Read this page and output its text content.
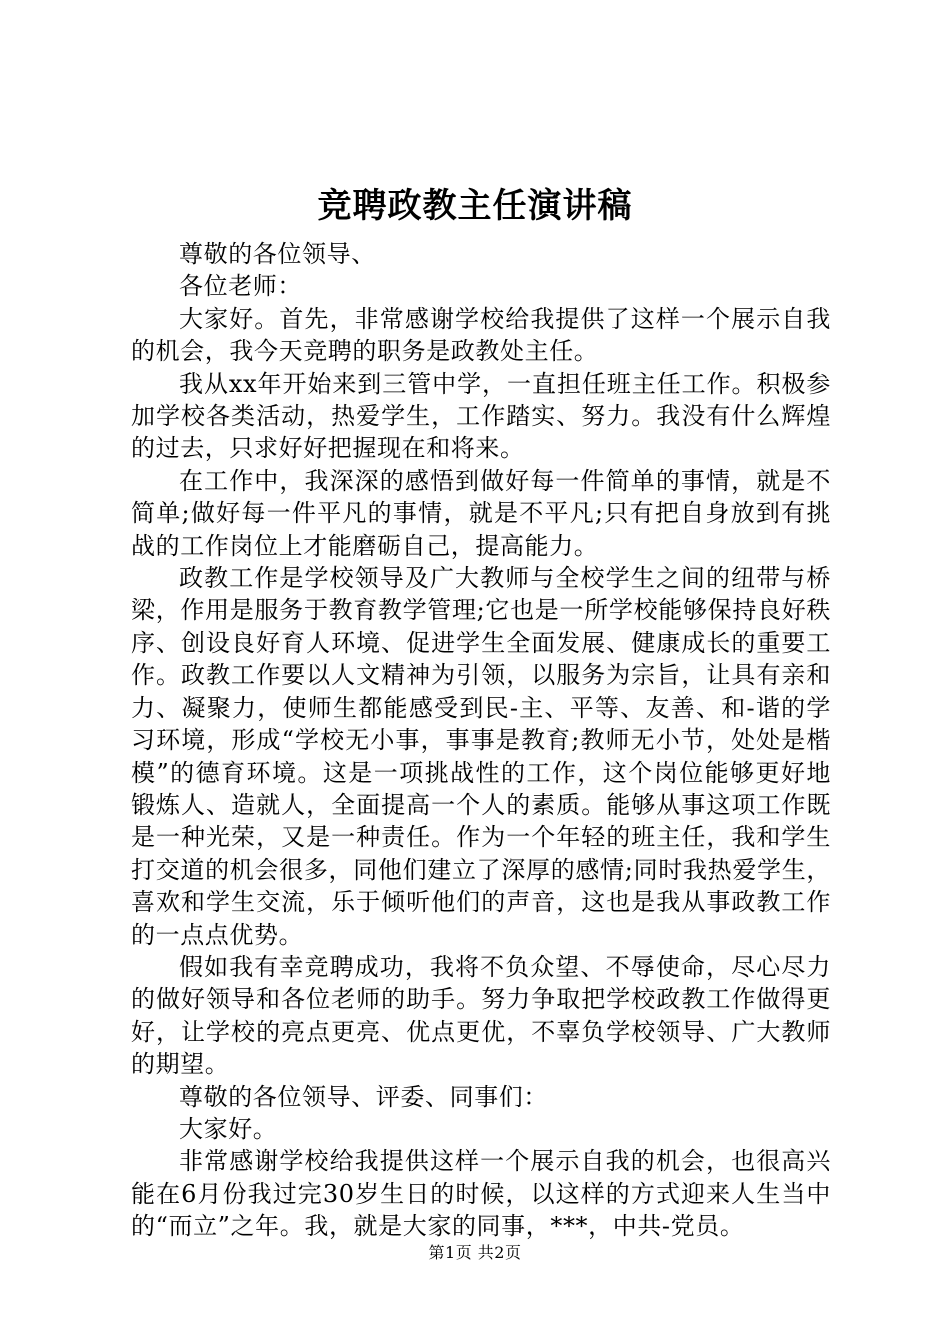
竞聘政教主任演讲稿

尊敬的各位领导、

各位老师：

大家好。首先，非常感谢学校给我提供了这样一个展示自我的机会，我今天竞聘的职务是政教处主任。

我从xx年开始来到三管中学，一直担任班主任工作。积极参加学校各类活动，热爱学生，工作踏实、努力。我没有什么辉煌的过去，只求好好把握现在和将来。

在工作中，我深深的感悟到做好每一件简单的事情，就是不简单;做好每一件平凡的事情，就是不平凡;只有把自身放到有挑战的工作岗位上才能磨砺自己，提高能力。

政教工作是学校领导及广大教师与全校学生之间的纽带与桥梁，作用是服务于教育教学管理;它也是一所学校能够保持良好秩序、创设良好育人环境、促进学生全面发展、健康成长的重要工作。政教工作要以人文精神为引领，以服务为宗旨，让具有亲和力、凝聚力，使师生都能感受到民-主、平等、友善、和-谐的学习环境，形成“学校无小事，事事是教育;教师无小节，处处是楷模”的德育环境。这是一项挑战性的工作，这个岗位能够更好地锻炼人、造就人，全面提高一个人的素质。能够从事这项工作既是一种光荣，又是一种责任。作为一个年轻的班主任，我和学生打交道的机会很多，同他们建立了深厚的感情;同时我热爱学生，喜欢和学生交流，乐于倾听他们的声音，这也是我从事政教工作的一点点优势。

假如我有幸竞聘成功，我将不负众望、不辱使命，尽心尽力的做好领导和各位老师的助手。努力争取把学校政教工作做得更好，让学校的亮点更亮、优点更优，不辜负学校领导、广大教师的期望。

尊敬的各位领导、评委、同事们：

大家好。

非常感谢学校给我提供这样一个展示自我的机会，也很高兴能在6月份我过完30岁生日的时候，以这样的方式迎来人生当中的“而立”之年。我，就是大家的同事，***，中共-党员。

第1页 共2页
